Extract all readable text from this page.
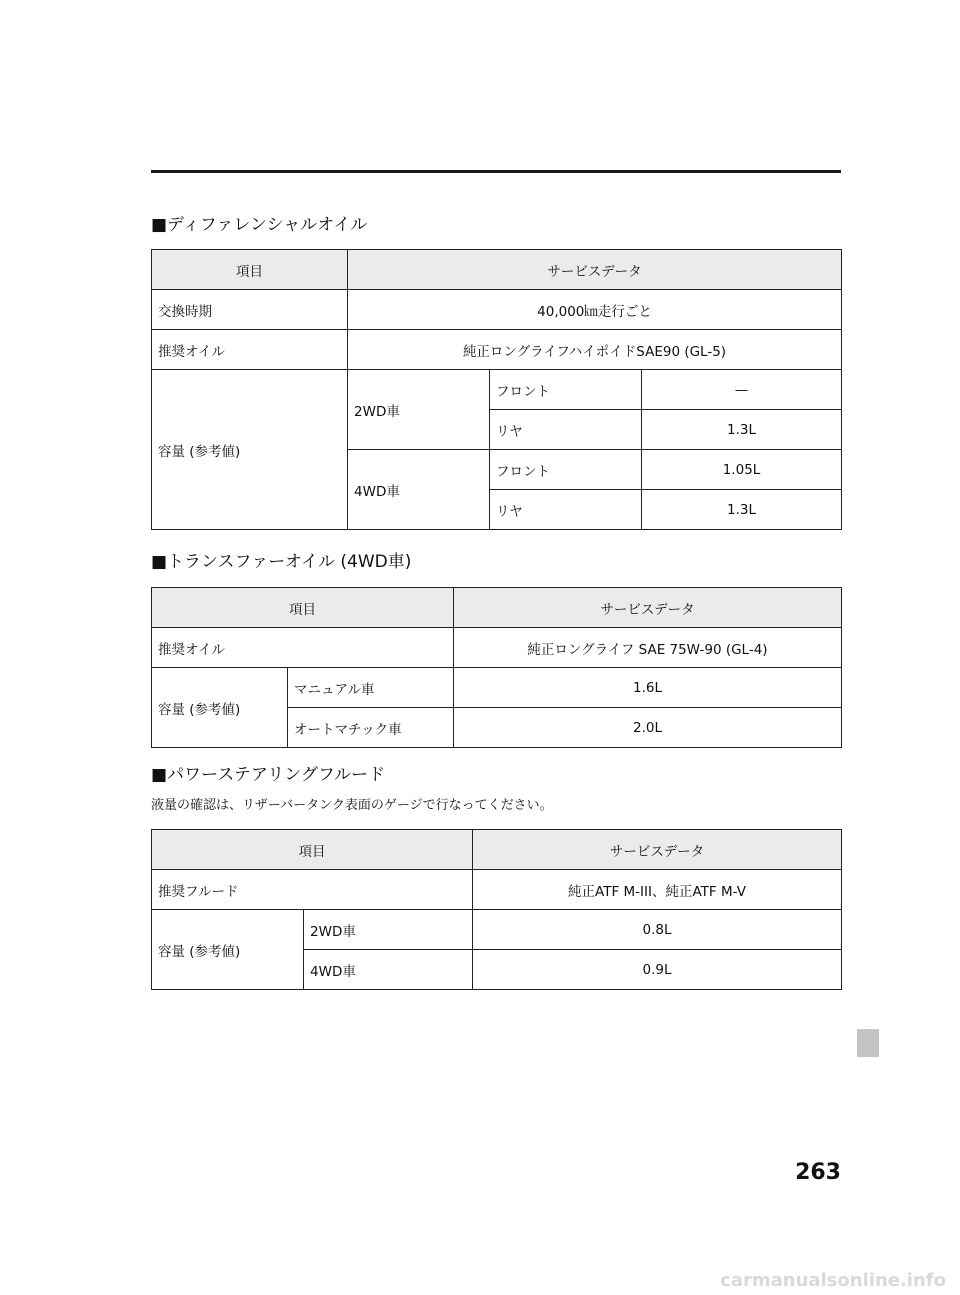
■ディファレンシャルオイル
項目	サービスデータ		
交換時期	40,000㎞走行ごと		
推奨オイル	純正ロングライフハイポイドSAE90 (GL-5)		
容量 (参考値)	2WD車	フロント	—
		リヤ	1.3L
	4WD車	フロント	1.05L
		リヤ	1.3L
■トランスファーオイル (4WD車)
項目		サービスデータ
推奨オイル		純正ロングライフ SAE 75W-90 (GL-4)
容量 (参考値)	マニュアル車	1.6L
	オートマチック車	2.0L
■パワーステアリングフルード
液量の確認は、リザーバータンク表面のゲージで行なってください。
項目		サービスデータ
推奨フルード		純正ATF M-III、純正ATF M-V
容量 (参考値)	2WD車	0.8L
	4WD車	0.9L
263
carmanualsonline.info
